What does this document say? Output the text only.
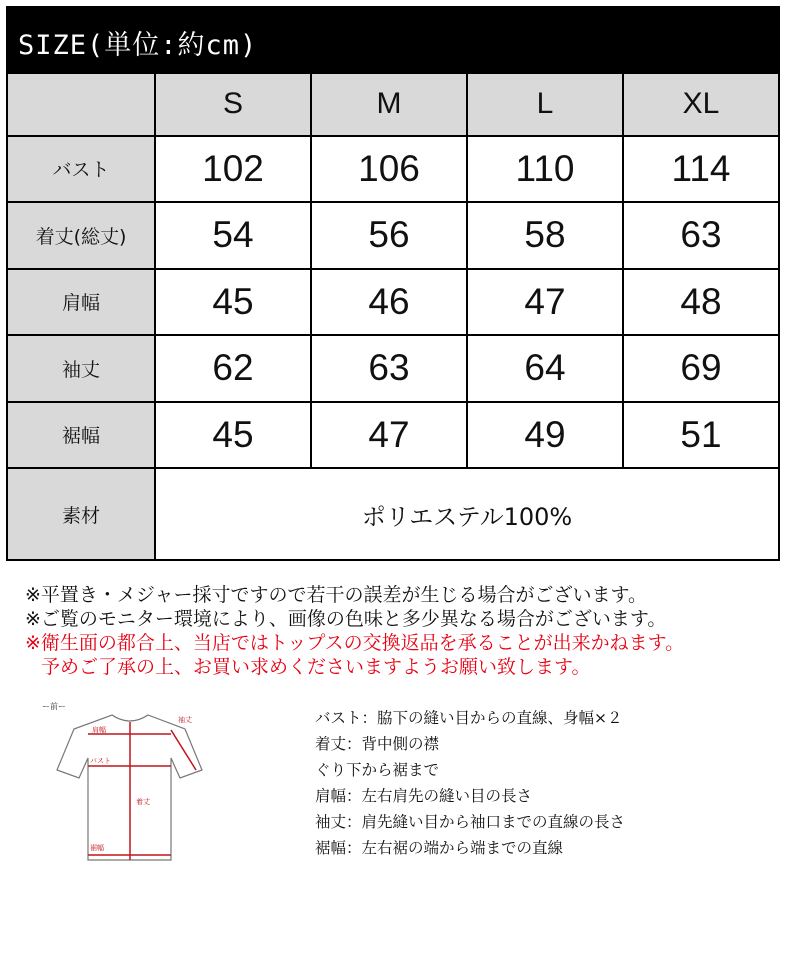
SIZE(単位:約cm)
	S	M	L	XL
バスト	102	106	110	114
着丈(総丈)	54	56	58	63
肩幅	45	46	47	48
袖丈	62	63	64	69
裾幅	45	47	49	51
素材	ポリエステル100%			
※平置き・メジャー採寸ですので若干の誤差が生じる場合がございます。
※ご覧のモニター環境により、画像の色味と多少異なる場合がございます。
※衛生面の都合上、当店ではトップスの交換返品を承ることが出来かねます。
予めご了承の上、お買い求めくださいますようお願い致します。
ー前ー
肩幅
袖丈
バスト
着丈
裾幅
バスト：脇下の縫い目からの直線、身幅×２
着丈：背中側の襟
ぐり下から裾まで
肩幅：左右肩先の縫い目の長さ
袖丈：肩先縫い目から袖口までの直線の長さ
裾幅：左右裾の端から端までの直線
